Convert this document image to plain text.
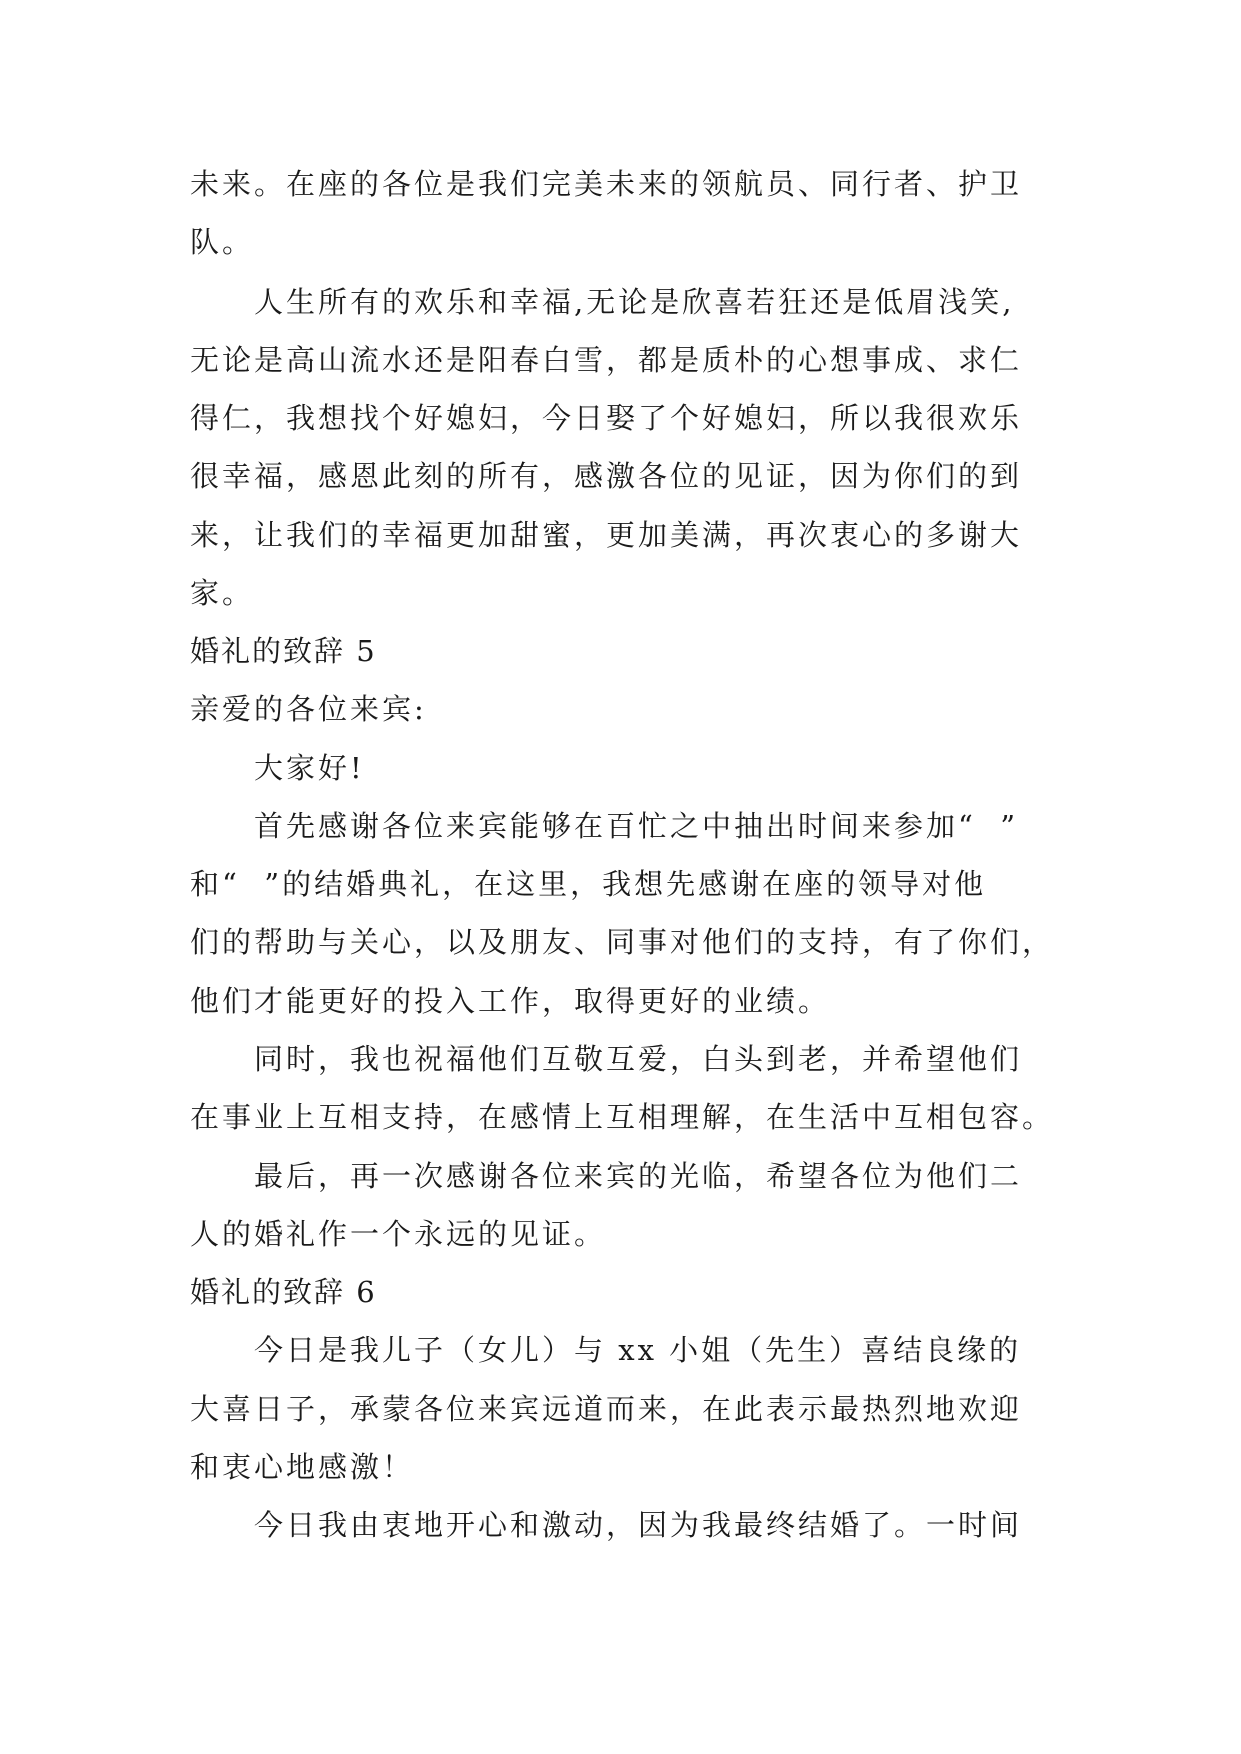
未来。在座的各位是我们完美未来的领航员、同行者、护卫

队。

人生所有的欢乐和幸福,无论是欣喜若狂还是低眉浅笑,

无论是高山流水还是阳春白雪，都是质朴的心想事成、求仁

得仁，我想找个好媳妇，今日娶了个好媳妇，所以我很欢乐

很幸福，感恩此刻的所有，感激各位的见证，因为你们的到

来，让我们的幸福更加甜蜜，更加美满，再次衷心的多谢大

家。

婚礼的致辞 5

亲爱的各位来宾:

大家好!

首先感谢各位来宾能够在百忙之中抽出时间来参加“  ”

和“  ”的结婚典礼，在这里，我想先感谢在座的领导对他

们的帮助与关心，以及朋友、同事对他们的支持，有了你们，

他们才能更好的投入工作，取得更好的业绩。

同时，我也祝福他们互敬互爱，白头到老，并希望他们

在事业上互相支持，在感情上互相理解，在生活中互相包容。

最后，再一次感谢各位来宾的光临，希望各位为他们二

人的婚礼作一个永远的见证。

婚礼的致辞 6

今日是我儿子（女儿）与 xx 小姐（先生）喜结良缘的

大喜日子，承蒙各位来宾远道而来，在此表示最热烈地欢迎

和衷心地感激！

今日我由衷地开心和激动，因为我最终结婚了。一时间
